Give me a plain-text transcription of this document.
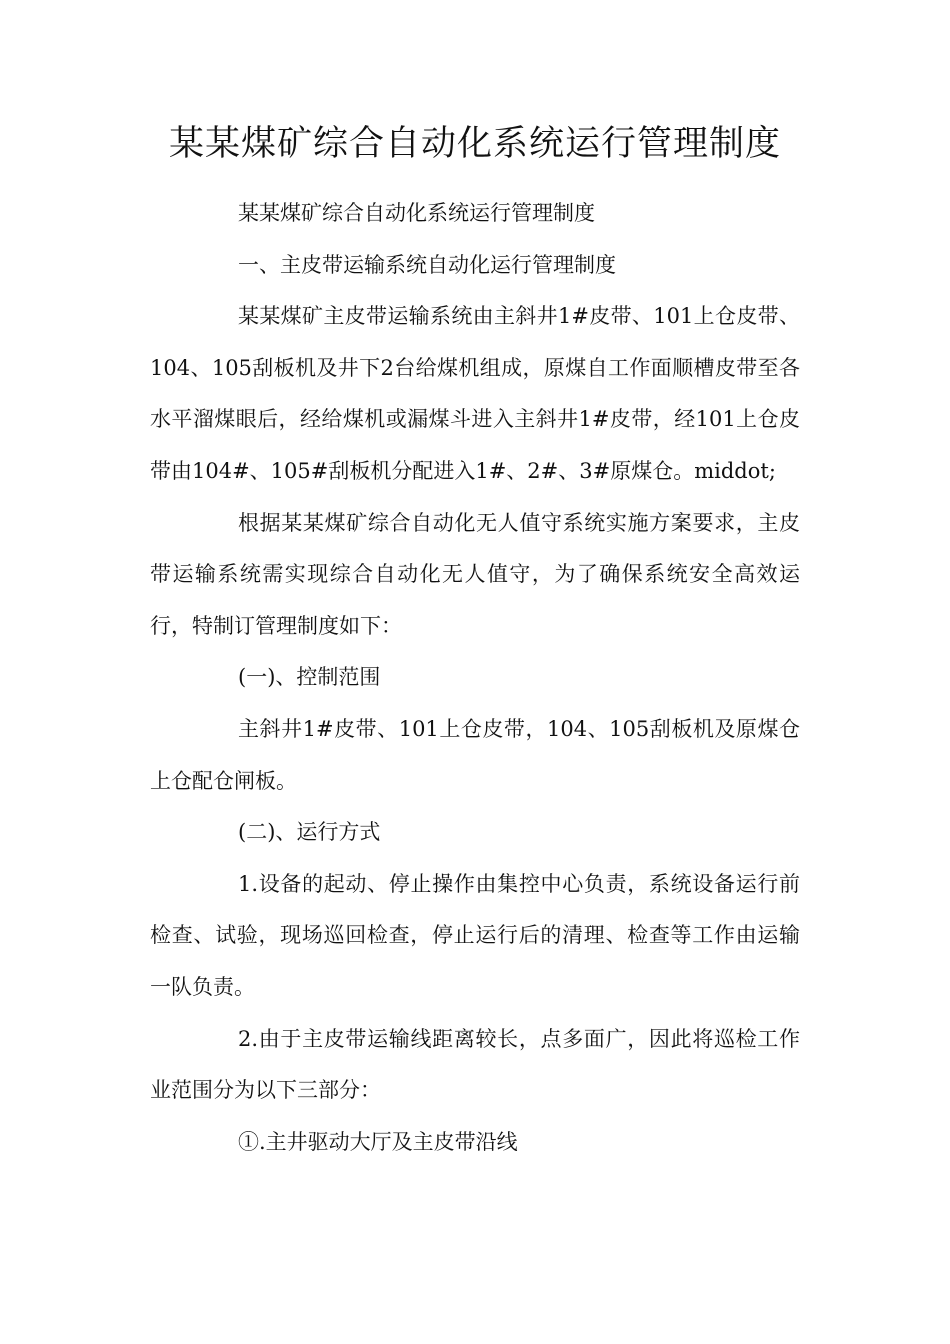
某某煤矿综合自动化系统运行管理制度

某某煤矿综合自动化系统运行管理制度

一、主皮带运输系统自动化运行管理制度

某某煤矿主皮带运输系统由主斜井1#皮带、101上仓皮带、104、105刮板机及井下2台给煤机组成，原煤自工作面顺槽皮带至各水平溜煤眼后，经给煤机或漏煤斗进入主斜井1#皮带，经101上仓皮带由104#、105#刮板机分配进入1#、2#、3#原煤仓。middot;

根据某某煤矿综合自动化无人值守系统实施方案要求，主皮带运输系统需实现综合自动化无人值守，为了确保系统安全高效运行，特制订管理制度如下：

(一)、控制范围

主斜井1#皮带、101上仓皮带，104、105刮板机及原煤仓上仓配仓闸板。

(二)、运行方式

1.设备的起动、停止操作由集控中心负责，系统设备运行前检查、试验，现场巡回检查，停止运行后的清理、检查等工作由运输一队负责。

2.由于主皮带运输线距离较长，点多面广，因此将巡检工作业范围分为以下三部分：

①.主井驱动大厅及主皮带沿线
